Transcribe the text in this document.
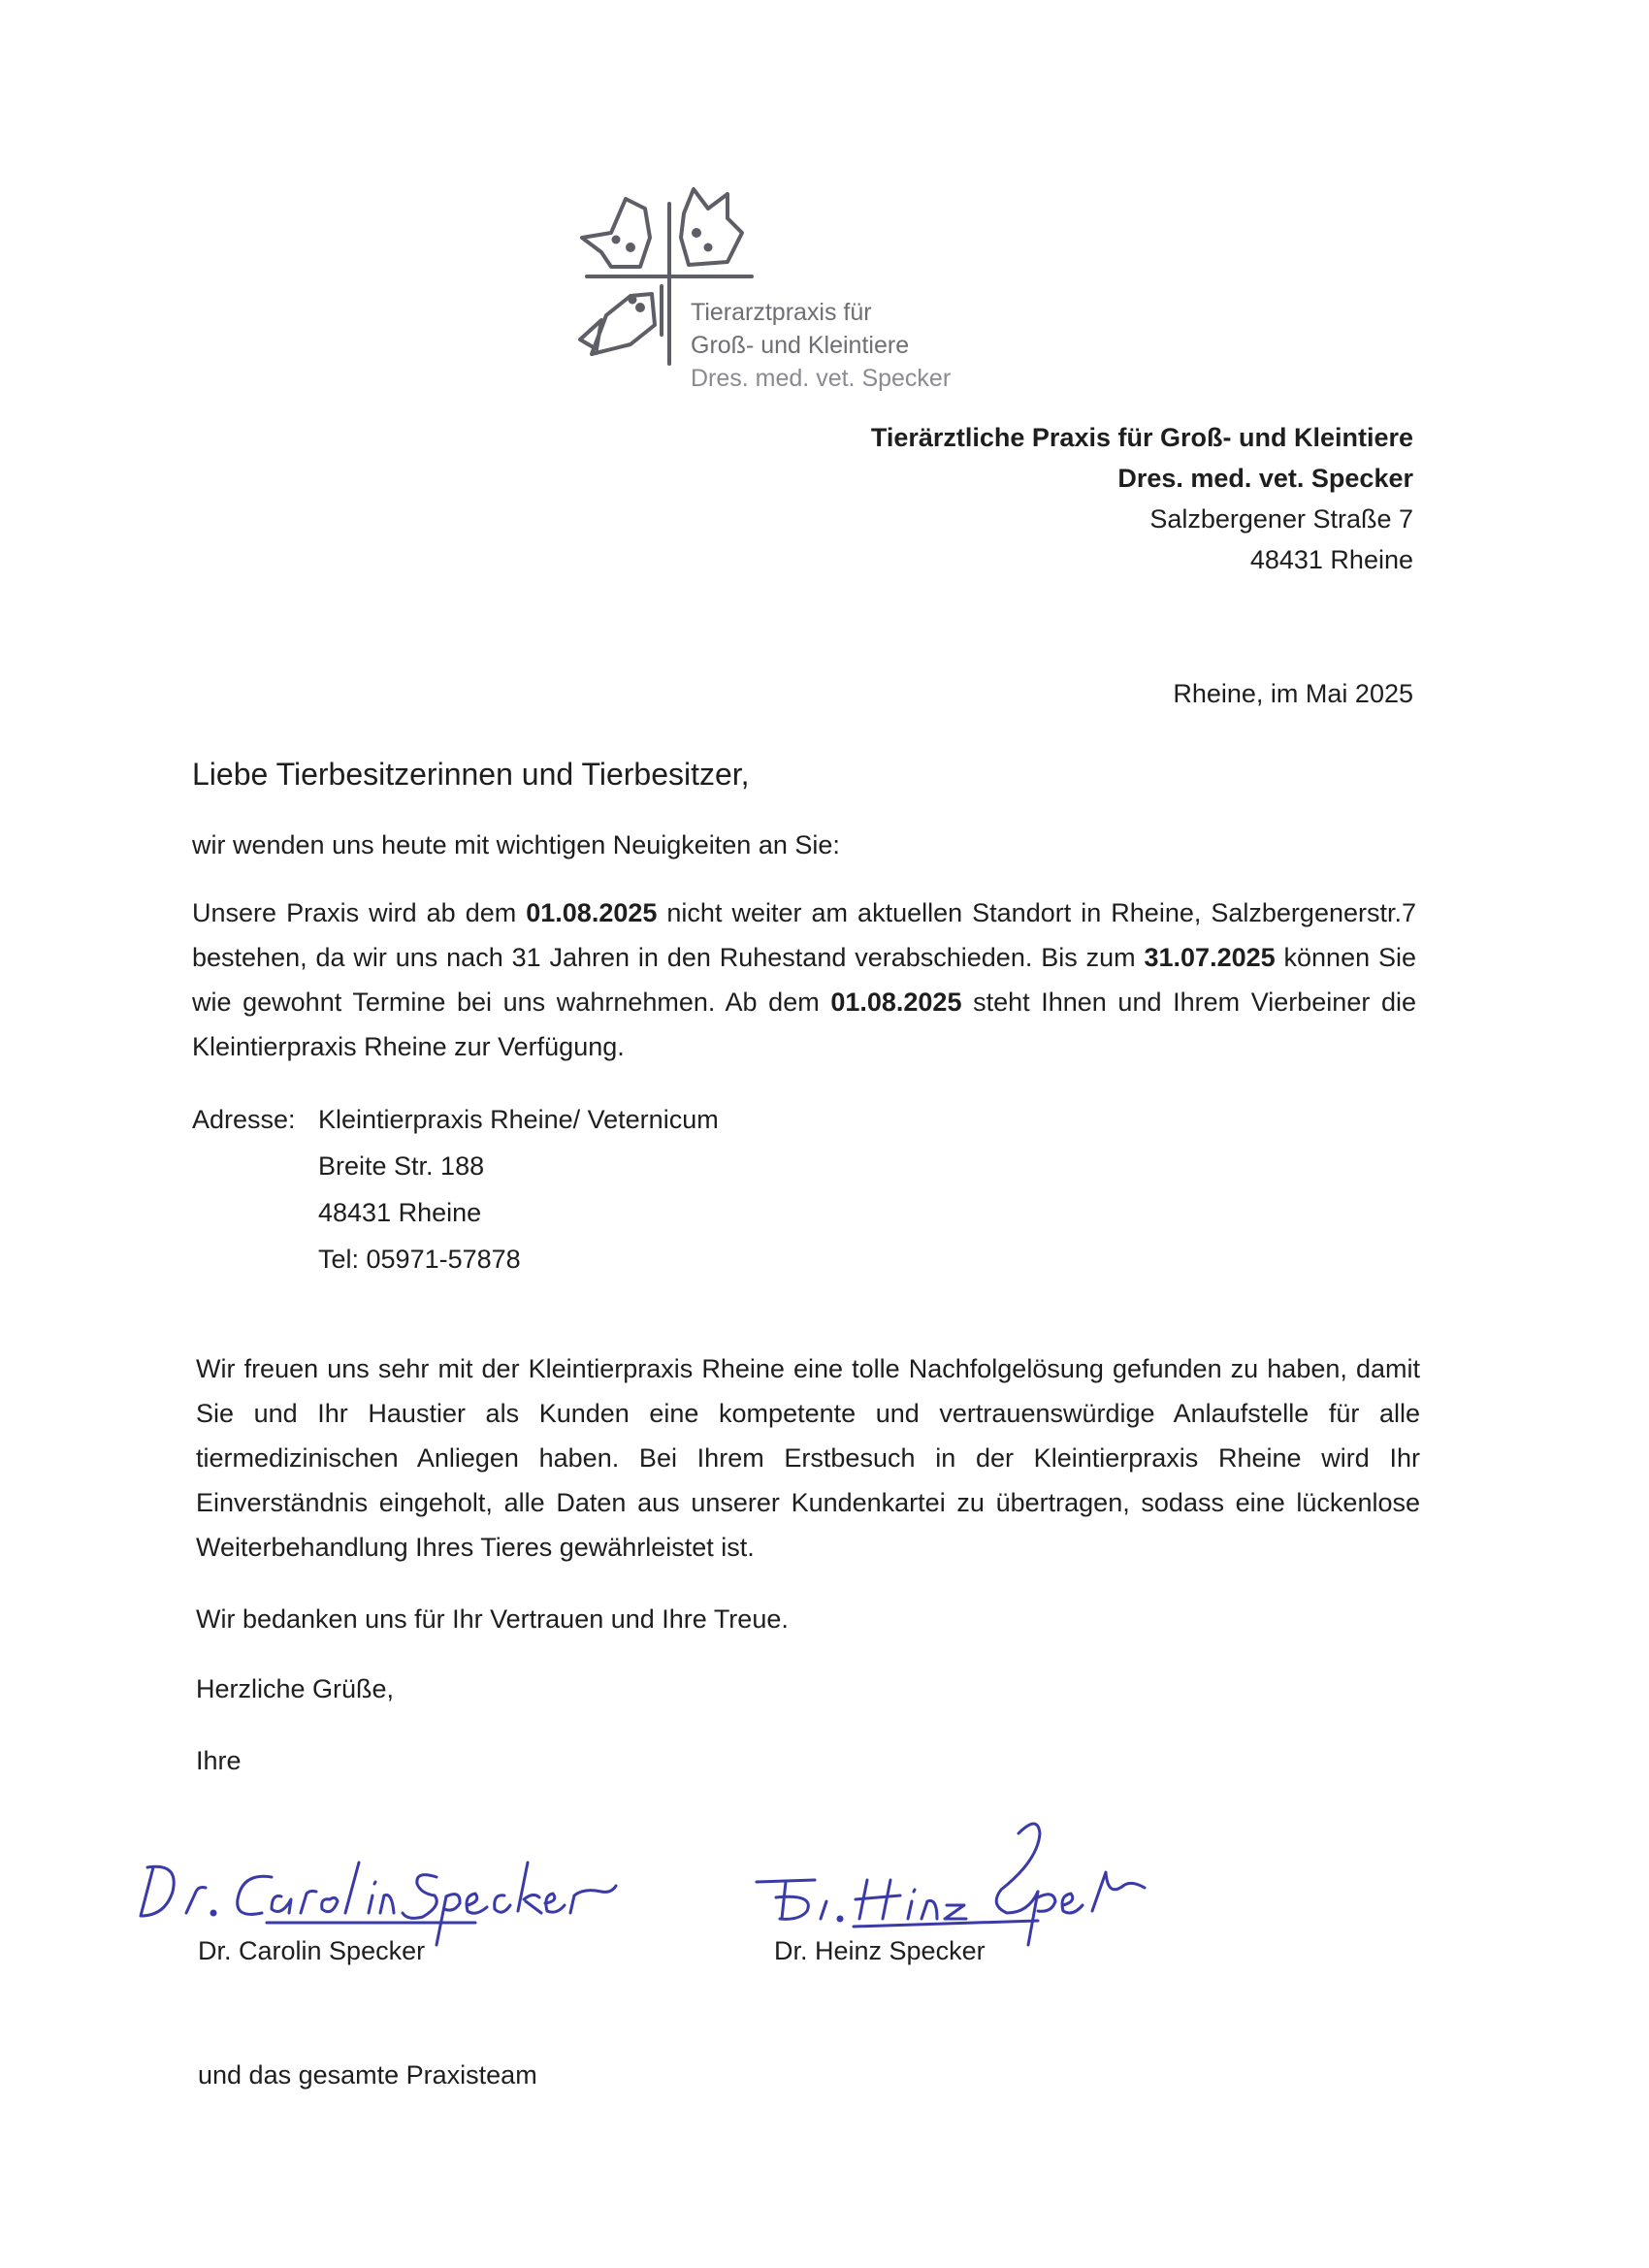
Tierarztpraxis für
Groß- und Kleintiere
Dres. med. vet. Specker
Tierärztliche Praxis für Groß- und Kleintiere
Dres. med. vet. Specker
Salzbergener Straße 7
48431 Rheine
Rheine, im Mai 2025
Liebe Tierbesitzerinnen und Tierbesitzer,
wir wenden uns heute mit wichtigen Neuigkeiten an Sie:
Unsere Praxis wird ab dem 01.08.2025 nicht weiter am aktuellen Standort in Rheine, Salzbergenerstr.7 bestehen, da wir uns nach 31 Jahren in den Ruhestand verabschieden. Bis zum 31.07.2025 können Sie wie gewohnt Termine bei uns wahrnehmen. Ab dem 01.08.2025 steht Ihnen und Ihrem Vierbeiner die Kleintierpraxis Rheine zur Verfügung.
Adresse: Kleintierpraxis Rheine/ Veternicum
Breite Str. 188
48431 Rheine
Tel: 05971-57878
Wir freuen uns sehr mit der Kleintierpraxis Rheine eine tolle Nachfolgelösung gefunden zu haben, damit Sie und Ihr Haustier als Kunden eine kompetente und vertrauenswürdige Anlaufstelle für alle tiermedizinischen Anliegen haben. Bei Ihrem Erstbesuch in der Kleintierpraxis Rheine wird Ihr Einverständnis eingeholt, alle Daten aus unserer Kundenkartei zu übertragen, sodass eine lückenlose Weiterbehandlung Ihres Tieres gewährleistet ist.
Wir bedanken uns für Ihr Vertrauen und Ihre Treue.
Herzliche Grüße,
Ihre
Dr. Carolin Specker	Dr. Heinz Specker
und das gesamte Praxisteam
